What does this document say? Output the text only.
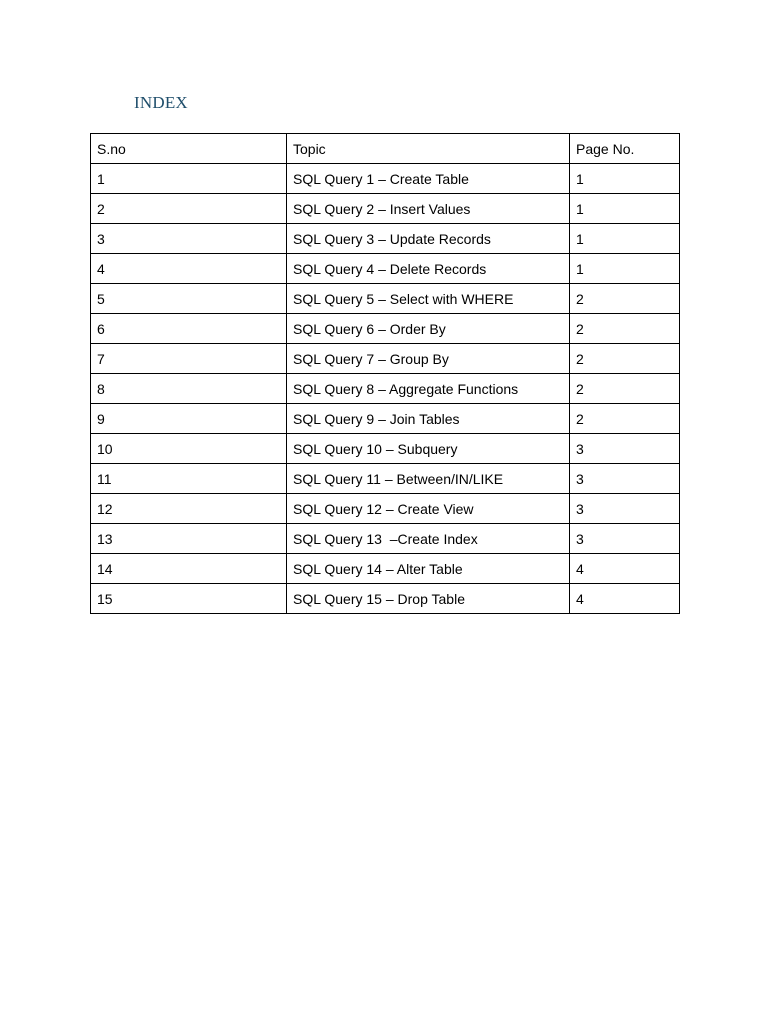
INDEX
S.no	Topic	Page No.
1	SQL Query 1 – Create Table	1
2	SQL Query 2 – Insert Values	1
3	SQL Query 3 – Update Records	1
4	SQL Query 4 – Delete Records	1
5	SQL Query 5 – Select with WHERE	2
6	SQL Query 6 – Order By	2
7	SQL Query 7 – Group By	2
8	SQL Query 8 – Aggregate Functions	2
9	SQL Query 9 – Join Tables	2
10	SQL Query 10 – Subquery	3
11	SQL Query 11 – Between/IN/LIKE	3
12	SQL Query 12 – Create View	3
13	SQL Query 13  –Create Index	3
14	SQL Query 14 – Alter Table	4
15	SQL Query 15 – Drop Table	4
